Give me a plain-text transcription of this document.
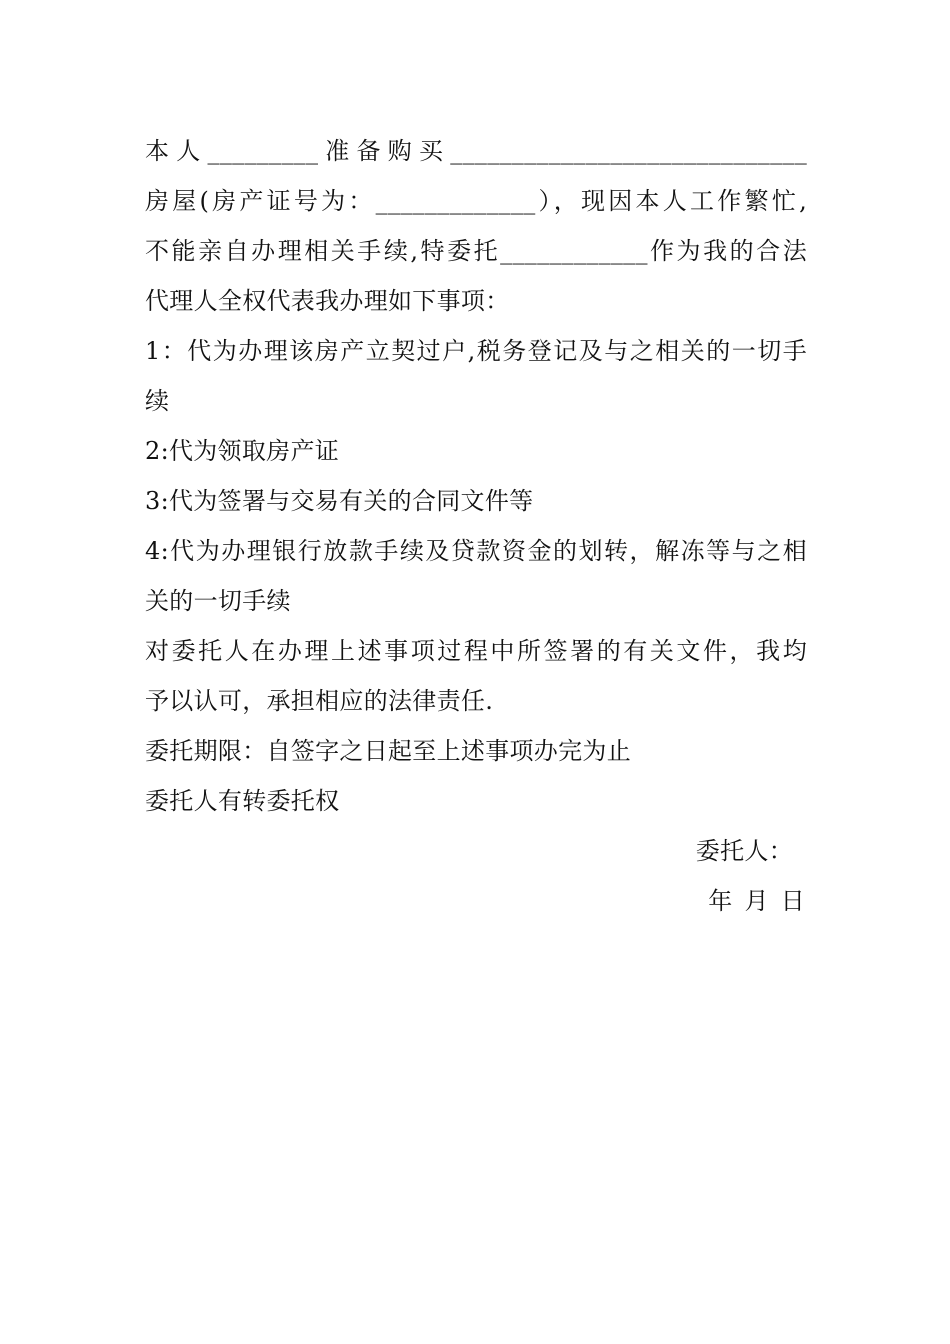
本人_________准备购买_____________________________
房屋(房产证号为：_____________），现因本人工作繁忙,
不能亲自办理相关手续,特委托____________作为我的合法
代理人全权代表我办理如下事项：
1：代为办理该房产立契过户,税务登记及与之相关的一切手
续
2:代为领取房产证
3:代为签署与交易有关的合同文件等
4:代为办理银行放款手续及贷款资金的划转，解冻等与之相
关的一切手续
对委托人在办理上述事项过程中所签署的有关文件，我均
予以认可，承担相应的法律责任.
委托期限：自签字之日起至上述事项办完为止
委托人有转委托权
委托人：
年 月 日
